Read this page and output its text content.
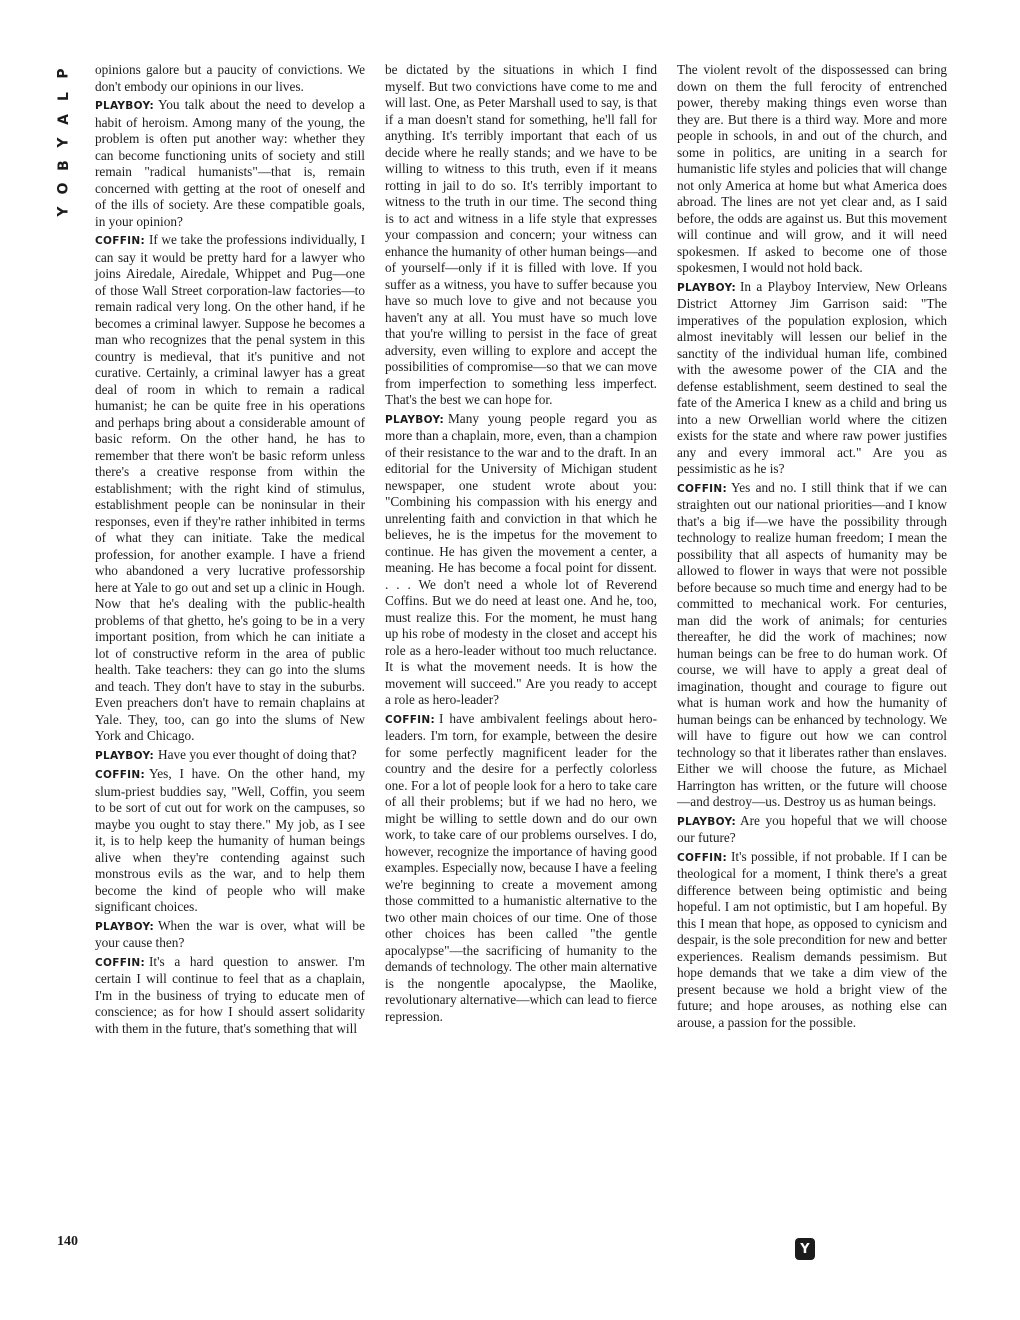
P
L
A
Y
B
O
Y

opinions galore but a paucity of convictions. We don't embody our opinions in our lives.

PLAYBOY: You talk about the need to develop a habit of heroism. Among many of the young, the problem is often put another way: whether they can become functioning units of society and still remain "radical humanists"—that is, remain concerned with getting at the root of oneself and of the ills of society. Are these compatible goals, in your opinion?

COFFIN: If we take the professions individually, I can say it would be pretty hard for a lawyer who joins Airedale, Airedale, Whippet and Pug—one of those Wall Street corporation-law factories—to remain radical very long. On the other hand, if he becomes a criminal lawyer. Suppose he becomes a man who recognizes that the penal system in this country is medieval, that it's punitive and not curative. Certainly, a criminal lawyer has a great deal of room in which to remain a radical humanist; he can be quite free in his operations and perhaps bring about a considerable amount of basic reform. On the other hand, he has to remember that there won't be basic reform unless there's a creative response from within the establishment; with the right kind of stimulus, establishment people can be noninsular in their responses, even if they're rather inhibited in terms of what they can initiate. Take the medical profession, for another example. I have a friend who abandoned a very lucrative professorship here at Yale to go out and set up a clinic in Hough. Now that he's dealing with the public-health problems of that ghetto, he's going to be in a very important position, from which he can initiate a lot of constructive reform in the area of public health. Take teachers: they can go into the slums and teach. They don't have to stay in the suburbs. Even preachers don't have to remain chaplains at Yale. They, too, can go into the slums of New York and Chicago.

PLAYBOY: Have you ever thought of doing that?

COFFIN: Yes, I have. On the other hand, my slum-priest buddies say, "Well, Coffin, you seem to be sort of cut out for work on the campuses, so maybe you ought to stay there." My job, as I see it, is to help keep the humanity of human beings alive when they're contending against such monstrous evils as the war, and to help them become the kind of people who will make significant choices.

PLAYBOY: When the war is over, what will be your cause then?

COFFIN: It's a hard question to answer. I'm certain I will continue to feel that as a chaplain, I'm in the business of trying to educate men of conscience; as for how I should assert solidarity with them in the future, that's something that will

be dictated by the situations in which I find myself. But two convictions have come to me and will last. One, as Peter Marshall used to say, is that if a man doesn't stand for something, he'll fall for anything. It's terribly important that each of us decide where he really stands; and we have to be willing to witness to this truth, even if it means rotting in jail to do so. It's terribly important to witness to the truth in our time. The second thing is to act and witness in a life style that expresses your compassion and concern; your witness can enhance the humanity of other human beings—and of yourself—only if it is filled with love. If you suffer as a witness, you have to suffer because you have so much love to give and not because you haven't any at all. You must have so much love that you're willing to persist in the face of great adversity, even willing to explore and accept the possibilities of compromise—so that we can move from imperfection to something less imperfect. That's the best we can hope for.

PLAYBOY: Many young people regard you as more than a chaplain, more, even, than a champion of their resistance to the war and to the draft. In an editorial for the University of Michigan student newspaper, one student wrote about you: "Combining his compassion with his energy and unrelenting faith and conviction in that which he believes, he is the impetus for the movement to continue. He has given the movement a center, a meaning. He has become a focal point for dissent. . . . We don't need a whole lot of Reverend Coffins. But we do need at least one. And he, too, must realize this. For the moment, he must hang up his robe of modesty in the closet and accept his role as a hero-leader without too much reluctance. It is what the movement needs. It is how the movement will succeed." Are you ready to accept a role as hero-leader?

COFFIN: I have ambivalent feelings about hero-leaders. I'm torn, for example, between the desire for some perfectly magnificent leader for the country and the desire for a perfectly colorless one. For a lot of people look for a hero to take care of all their problems; but if we had no hero, we might be willing to settle down and do our own work, to take care of our problems ourselves. I do, however, recognize the importance of having good examples. Especially now, because I have a feeling we're beginning to create a movement among those committed to a humanistic alternative to the two other main choices of our time. One of those other choices has been called "the gentle apocalypse"—the sacrificing of humanity to the demands of technology. The other main alternative is the nongentle apocalypse, the Maolike, revolutionary alternative—which can lead to fierce repression.

The violent revolt of the dispossessed can bring down on them the full ferocity of entrenched power, thereby making things even worse than they are. But there is a third way. More and more people in schools, in and out of the church, and some in politics, are uniting in a search for humanistic life styles and policies that will change not only America at home but what America does abroad. The lines are not yet clear and, as I said before, the odds are against us. But this movement will continue and will grow, and it will need spokesmen. If asked to become one of those spokesmen, I would not hold back.

PLAYBOY: In a Playboy Interview, New Orleans District Attorney Jim Garrison said: "The imperatives of the population explosion, which almost inevitably will lessen our belief in the sanctity of the individual human life, combined with the awesome power of the CIA and the defense establishment, seem destined to seal the fate of the America I knew as a child and bring us into a new Orwellian world where the citizen exists for the state and where raw power justifies any and every immoral act." Are you as pessimistic as he is?

COFFIN: Yes and no. I still think that if we can straighten out our national priorities—and I know that's a big if—we have the possibility through technology to realize human freedom; I mean the possibility that all aspects of humanity may be allowed to flower in ways that were not possible before because so much time and energy had to be committed to mechanical work. For centuries, man did the work of animals; for centuries thereafter, he did the work of machines; now human beings can be free to do human work. Of course, we will have to apply a great deal of imagination, thought and courage to figure out what is human work and how the humanity of human beings can be enhanced by technology. We will have to figure out how we can control technology so that it liberates rather than enslaves. Either we will choose the future, as Michael Harrington has written, or the future will choose—and destroy—us. Destroy us as human beings.

PLAYBOY: Are you hopeful that we will choose our future?

COFFIN: It's possible, if not probable. If I can be theological for a moment, I think there's a great difference between being optimistic and being hopeful. I am not optimistic, but I am hopeful. By this I mean that hope, as opposed to cynicism and despair, is the sole precondition for new and better experiences. Realism demands pessimism. But hope demands that we take a dim view of the present because we hold a bright view of the future; and hope arouses, as nothing else can arouse, a passion for the possible.

140	Y
